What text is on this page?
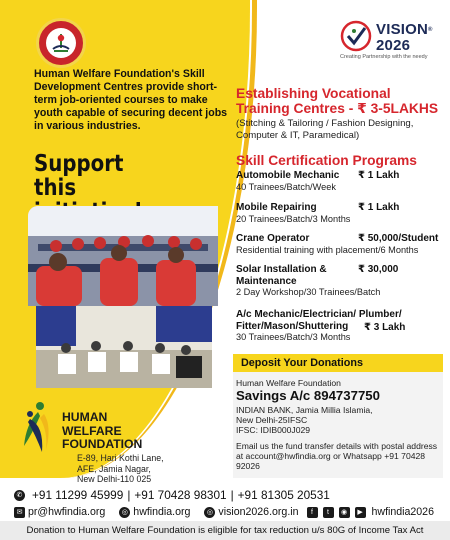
VISION®
2026
Creating Partnership with the needy
Human Welfare Foundation's Skill Development Centres provide short-term job-oriented courses to make youth capable of securing decent jobs in various industries.
Support this
Establishing Vocational
Training Centres - ₹ 3-5LAKHS
(Stitching & Tailoring / Fashion Designing, Computer & IT, Paramedical)
Skill Certification Programs
Automobile Mechanic
40 Trainees/Batch/Week
₹ 1 Lakh
Mobile Repairing
20 Trainees/Batch/3 Months
₹ 1 Lakh
Crane Operator
Residential training with placement/6 Months
₹ 50,000/Student
Solar Installation & Maintenance
2 Day Workshop/30 Trainees/Batch
₹ 30,000
A/c Mechanic/Electrician/ Plumber/ Fitter/Mason/Shuttering
30 Trainees/Batch/3 Months
₹ 3 Lakh
Deposit Your Donations
Human Welfare Foundation
Savings A/c 894737750
INDIAN BANK, Jamia Millia Islamia,
New Delhi-25IFSC
IFSC: IDIB000J029
Email us the fund transfer details with postal address at account@hwfindia.org or Whatsapp +91 70428 92026
HUMAN
WELFARE
FOUNDATION
E-89, Hari Kothi Lane,
AFE, Jamia Nagar,
New Delhi-110 025
✆ +91 11299 45999 | +91 70428 98301 | +91 81305 20531
✉ pr@hwfindia.org	◎ hwfindia.org	◎ vision2026.org.in	f	t	◉	▶ hwfindia2026
Donation to Human Welfare Foundation is eligible for tax reduction u/s 80G of Income Tax Act
